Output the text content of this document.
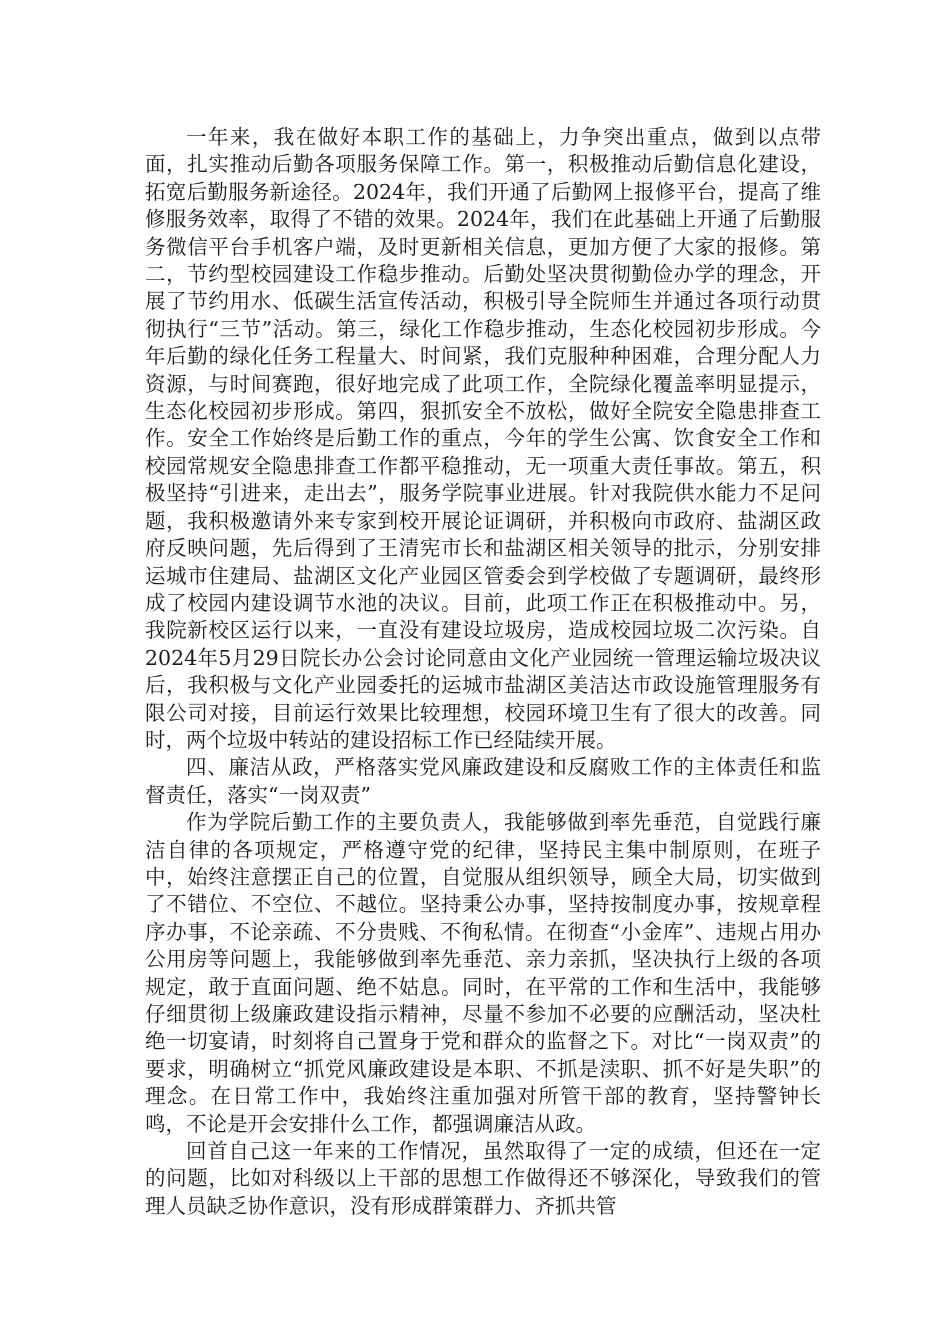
一年来，我在做好本职工作的基础上，力争突出重点，做到以点带面，扎实推动后勤各项服务保障工作。第一，积极推动后勤信息化建设，拓宽后勤服务新途径。2024年，我们开通了后勤网上报修平台，提高了维修服务效率，取得了不错的效果。2024年，我们在此基础上开通了后勤服务微信平台手机客户端，及时更新相关信息，更加方便了大家的报修。第二，节约型校园建设工作稳步推动。后勤处坚决贯彻勤俭办学的理念，开展了节约用水、低碳生活宣传活动，积极引导全院师生并通过各项行动贯彻执行“三节”活动。第三，绿化工作稳步推动，生态化校园初步形成。今年后勤的绿化任务工程量大、时间紧，我们克服种种困难，合理分配人力资源，与时间赛跑，很好地完成了此项工作，全院绿化覆盖率明显提示，生态化校园初步形成。第四，狠抓安全不放松，做好全院安全隐患排查工作。安全工作始终是后勤工作的重点，今年的学生公寓、饮食安全工作和校园常规安全隐患排查工作都平稳推动，无一项重大责任事故。第五，积极坚持“引进来，走出去”，服务学院事业进展。针对我院供水能力不足问题，我积极邀请外来专家到校开展论证调研，并积极向市政府、盐湖区政府反映问题，先后得到了王清宪市长和盐湖区相关领导的批示，分别安排运城市住建局、盐湖区文化产业园区管委会到学校做了专题调研，最终形成了校园内建设调节水池的决议。目前，此项工作正在积极推动中。另，我院新校区运行以来，一直没有建设垃圾房，造成校园垃圾二次污染。自2024年5月29日院长办公会讨论同意由文化产业园统一管理运输垃圾决议后，我积极与文化产业园委托的运城市盐湖区美洁达市政设施管理服务有限公司对接，目前运行效果比较理想，校园环境卫生有了很大的改善。同时，两个垃圾中转站的建设招标工作已经陆续开展。

四、廉洁从政，严格落实党风廉政建设和反腐败工作的主体责任和监督责任，落实“一岗双责”

作为学院后勤工作的主要负责人，我能够做到率先垂范，自觉践行廉洁自律的各项规定，严格遵守党的纪律，坚持民主集中制原则，在班子中，始终注意摆正自己的位置，自觉服从组织领导，顾全大局，切实做到了不错位、不空位、不越位。坚持秉公办事，坚持按制度办事，按规章程序办事，不论亲疏、不分贵贱、不徇私情。在彻查“小金库”、违规占用办公用房等问题上，我能够做到率先垂范、亲力亲抓，坚决执行上级的各项规定，敢于直面问题、绝不姑息。同时，在平常的工作和生活中，我能够仔细贯彻上级廉政建设指示精神，尽量不参加不必要的应酬活动，坚决杜绝一切宴请，时刻将自己置身于党和群众的监督之下。对比“一岗双责”的要求，明确树立“抓党风廉政建设是本职、不抓是渎职、抓不好是失职”的理念。在日常工作中，我始终注重加强对所管干部的教育，坚持警钟长鸣，不论是开会安排什么工作，都强调廉洁从政。

回首自己这一年来的工作情况，虽然取得了一定的成绩，但还在一定的问题，比如对科级以上干部的思想工作做得还不够深化，导致我们的管理人员缺乏协作意识，没有形成群策群力、齐抓共管
